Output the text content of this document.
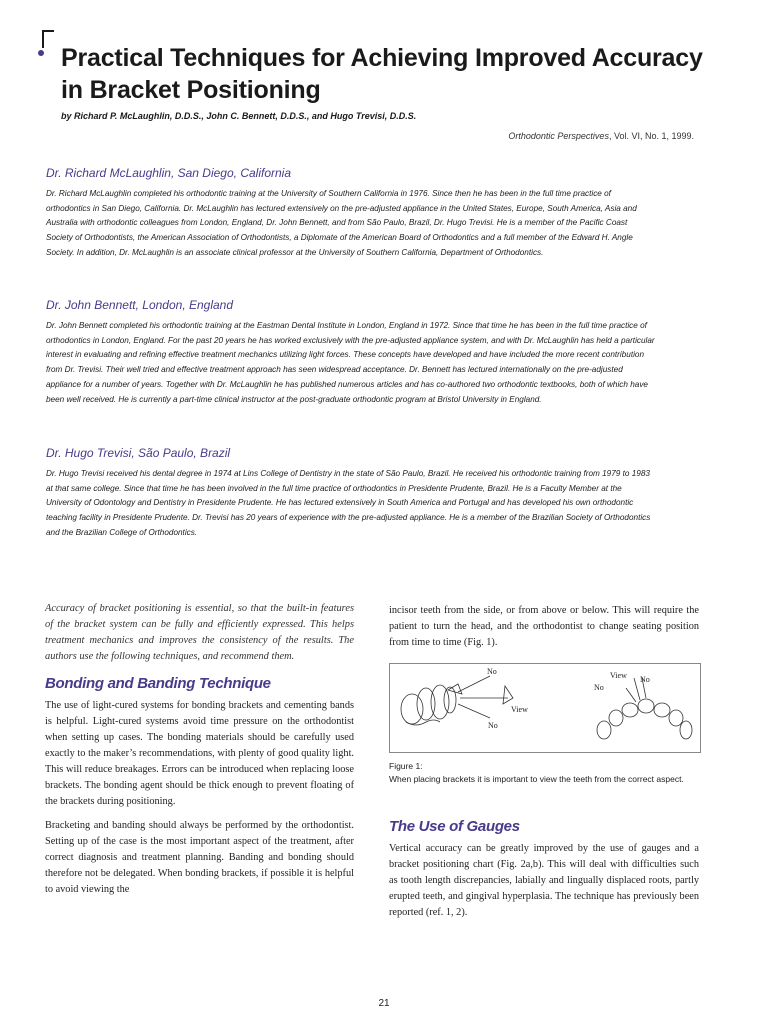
Practical Techniques for Achieving Improved Accuracy in Bracket Positioning

by Richard P. McLaughlin, D.D.S., John C. Bennett, D.D.S., and Hugo Trevisi, D.D.S.

Orthodontic Perspectives, Vol. VI, No. 1, 1999.

Dr. Richard McLaughlin, San Diego, California

Dr. Richard McLaughlin completed his orthodontic training at the University of Southern California in 1976. Since then he has been in the full time practice of orthodontics in San Diego, California. Dr. McLaughlin has lectured extensively on the pre-adjusted appliance in the United States, Europe, South America, Asia and Australia with orthodontic colleagues from London, England, Dr. John Bennett, and from São Paulo, Brazil, Dr. Hugo Trevisi. He is a member of the Pacific Coast Society of Orthodontists, the American Association of Orthodontists, a Diplomate of the American Board of Orthodontics and a full member of the Edward H. Angle Society. In addition, Dr. McLaughlin is an associate clinical professor at the University of Southern California, Department of Orthodontics.

Dr. John Bennett, London, England

Dr. John Bennett completed his orthodontic training at the Eastman Dental Institute in London, England in 1972. Since that time he has been in the full time practice of orthodontics in London, England. For the past 20 years he has worked exclusively with the pre-adjusted appliance system, and with Dr. McLaughlin has held a particular interest in evaluating and refining effective treatment mechanics utilizing light forces. These concepts have developed and have included the more recent contribution from Dr. Trevisi. Their well tried and effective treatment approach has seen widespread acceptance. Dr. Bennett has lectured internationally on the pre-adjusted appliance for a number of years. Together with Dr. McLaughlin he has published numerous articles and has co-authored two orthodontic textbooks, both of which have been well received. He is currently a part-time clinical instructor at the post-graduate orthodontic program at Bristol University in England.

Dr. Hugo Trevisi, São Paulo, Brazil

Dr. Hugo Trevisi received his dental degree in 1974 at Lins College of Dentistry in the state of São Paulo, Brazil. He received his orthodontic training from 1979 to 1983 at that same college. Since that time he has been involved in the full time practice of orthodontics in Presidente Prudente, Brazil. He is a Faculty Member at the University of Odontology and Dentistry in Presidente Prudente. He has lectured extensively in South America and Portugal and has developed his own orthodontic teaching facility in Presidente Prudente. Dr. Trevisi has 20 years of experience with the pre-adjusted appliance. He is a member of the Brazilian Society of Orthodontics and the Brazilian College of Orthodontics.

Accuracy of bracket positioning is essential, so that the built-in features of the bracket system can be fully and efficiently expressed. This helps treatment mechanics and improves the consistency of the results. The authors use the following techniques, and recommend them.

Bonding and Banding Technique

The use of light-cured systems for bonding brackets and cementing bands is helpful. Light-cured systems avoid time pressure on the orthodontist when setting up cases. The bonding materials should be carefully used exactly to the maker’s recommendations, with plenty of good quality light. This will reduce breakages. Errors can be introduced when replacing loose brackets. The bonding agent should be thick enough to prevent floating of the brackets during positioning.

Bracketing and banding should always be performed by the orthodontist. Setting up of the case is the most important aspect of the treatment, after correct diagnosis and treatment planning. Banding and bonding should therefore not be delegated. When bonding brackets, if possible it is helpful to avoid viewing the

incisor teeth from the side, or from above or below. This will require the patient to turn the head, and the orthodontist to change seating position from time to time (Fig. 1).

No
View
No
View No
No

Figure 1:

When placing brackets it is important to view the teeth from the correct aspect.

The Use of Gauges

Vertical accuracy can be greatly improved by the use of gauges and a bracket positioning chart (Fig. 2a,b). This will deal with difficulties such as tooth length discrepancies, labially and lingually displaced roots, partly erupted teeth, and gingival hyperplasia. The technique has previously been reported (ref. 1, 2).

21
